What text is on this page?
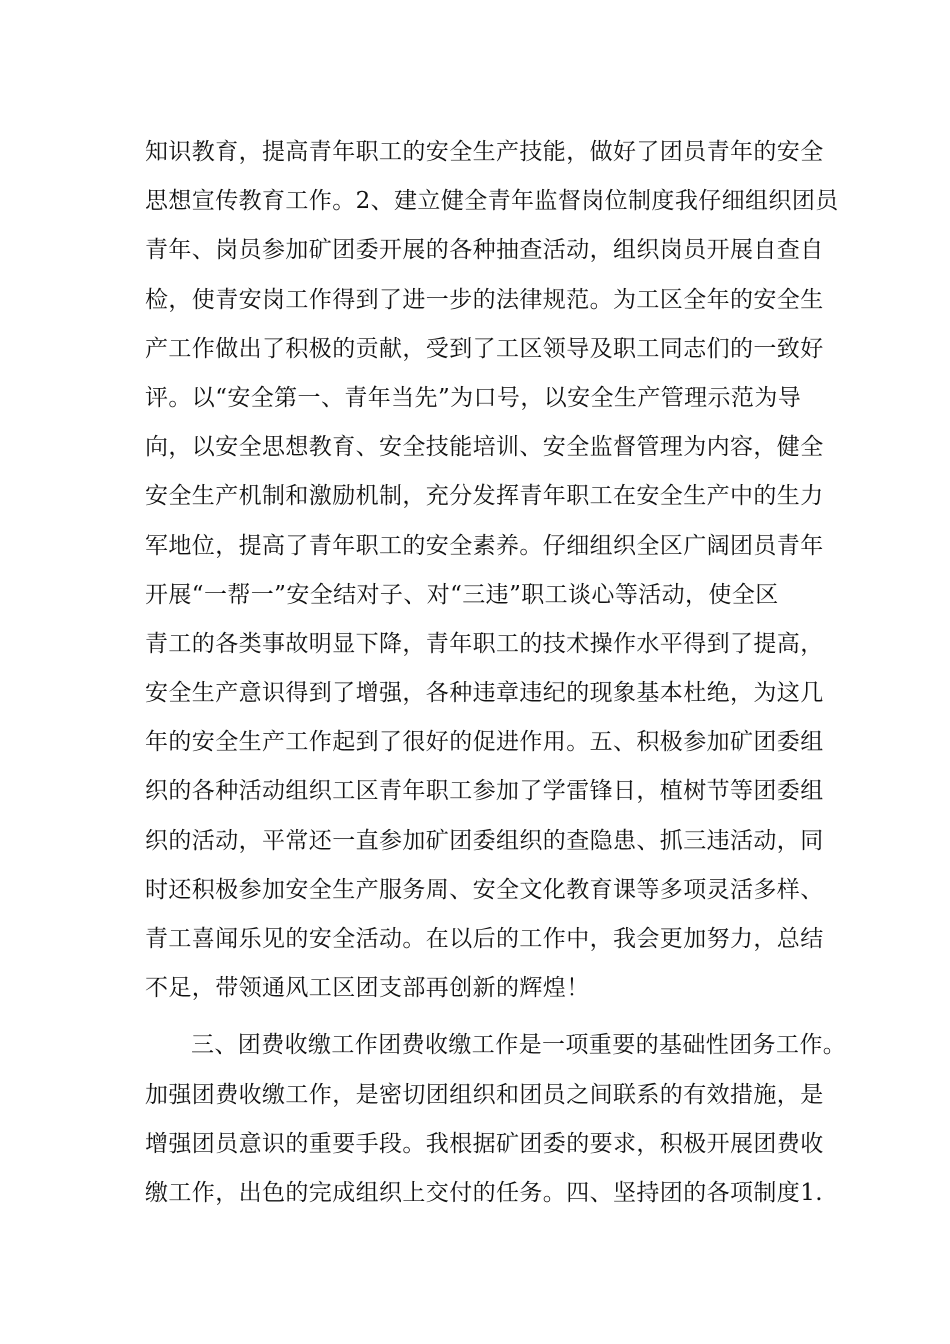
知识教育，提高青年职工的安全生产技能，做好了团员青年的安全
思想宣传教育工作。2、建立健全青年监督岗位制度我仔细组织团员
青年、岗员参加矿团委开展的各种抽查活动，组织岗员开展自查自
检，使青安岗工作得到了进一步的法律规范。为工区全年的安全生
产工作做出了积极的贡献，受到了工区领导及职工同志们的一致好
评。以“安全第一、青年当先”为口号，以安全生产管理示范为导
向，以安全思想教育、安全技能培训、安全监督管理为内容，健全
安全生产机制和激励机制，充分发挥青年职工在安全生产中的生力
军地位，提高了青年职工的安全素养。仔细组织全区广阔团员青年
开展“一帮一”安全结对子、对“三违”职工谈心等活动，使全区
青工的各类事故明显下降，青年职工的技术操作水平得到了提高，
安全生产意识得到了增强，各种违章违纪的现象基本杜绝，为这几
年的安全生产工作起到了很好的促进作用。五、积极参加矿团委组
织的各种活动组织工区青年职工参加了学雷锋日，植树节等团委组
织的活动，平常还一直参加矿团委组织的查隐患、抓三违活动，同
时还积极参加安全生产服务周、安全文化教育课等多项灵活多样、
青工喜闻乐见的安全活动。在以后的工作中，我会更加努力，总结
不足，带领通风工区团支部再创新的辉煌！
三、团费收缴工作团费收缴工作是一项重要的基础性团务工作。
加强团费收缴工作，是密切团组织和团员之间联系的有效措施，是
增强团员意识的重要手段。我根据矿团委的要求，积极开展团费收
缴工作，出色的完成组织上交付的任务。四、坚持团的各项制度1.
